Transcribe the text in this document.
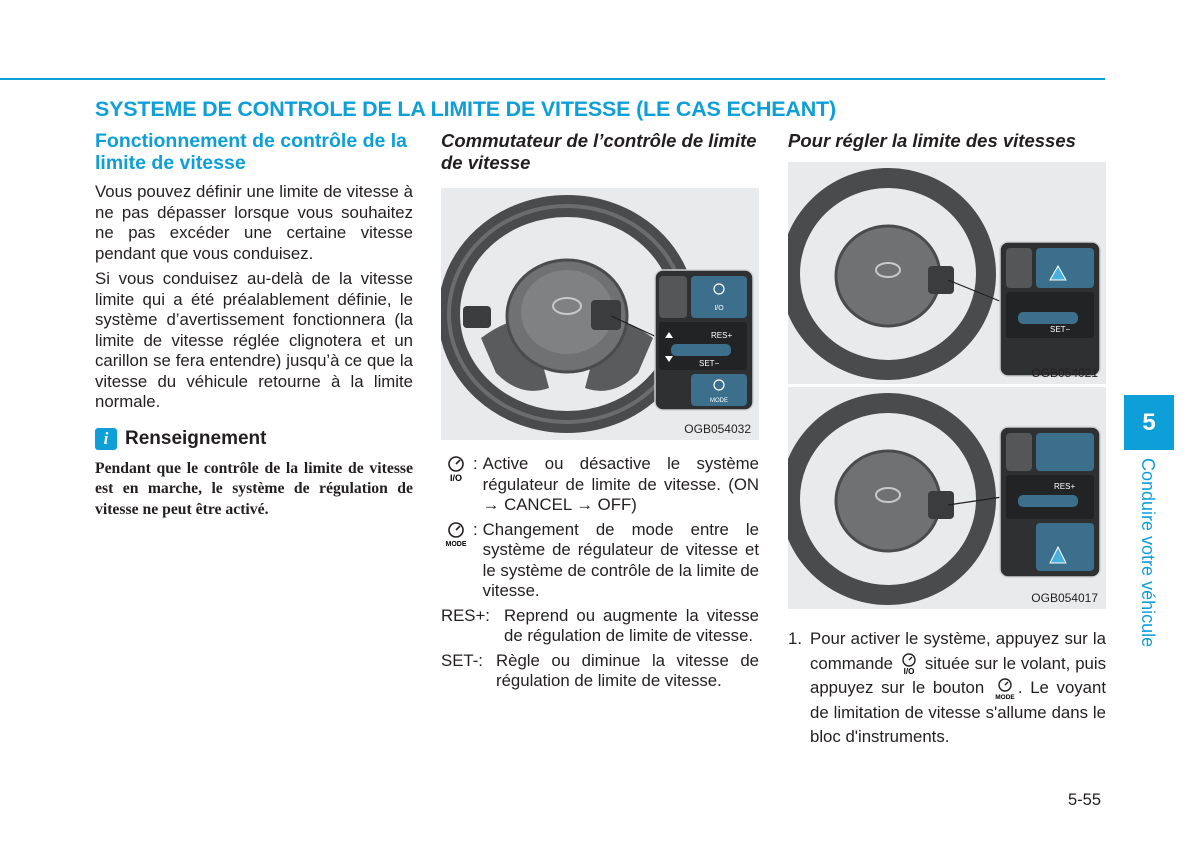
SYSTEME DE CONTROLE DE LA LIMITE DE VITESSE (LE CAS ECHEANT)
Fonctionnement de contrôle de la limite de vitesse

Vous pouvez définir une limite de vitesse à ne pas dépasser lorsque vous souhaitez ne pas excéder une certaine vitesse pendant que vous conduisez.

Si vous conduisez au-delà de la vitesse limite qui a été préalablement définie, le système d’avertissement fonctionnera (la limite de vitesse réglée clignotera et un carillon se fera entendre) jusqu’à ce que la vitesse du véhicule retourne à la limite normale.

i Renseignement
Pendant que le contrôle de la limite de vitesse est en marche, le système de régulation de vitesse ne peut être activé.
Commutateur de l’contrôle de limite de vitesse
I/O
RES+
SET−
MODE
OGB054032
I/O
: Active ou désactive le système régulateur de limite de vitesse. (ON → CANCEL → OFF)
MODE
: Changement de mode entre le système de régulateur de vitesse et le système de contrôle de la limite de vitesse.
RES+: Reprend ou augmente la vitesse de régulation de limite de vitesse.
SET-: Règle ou diminue la vitesse de régulation de limite de vitesse.
Pour régler la limite des vitesses
SET−
OGB054021
RES+
OGB054017
1. Pour activer le système, appuyez sur la commande I/O située sur le volant, puis appuyez sur le bouton
MODE
. Le voyant de limitation de vitesse s'allume dans le bloc d'instruments.
5
Conduire votre véhicule
5-55
